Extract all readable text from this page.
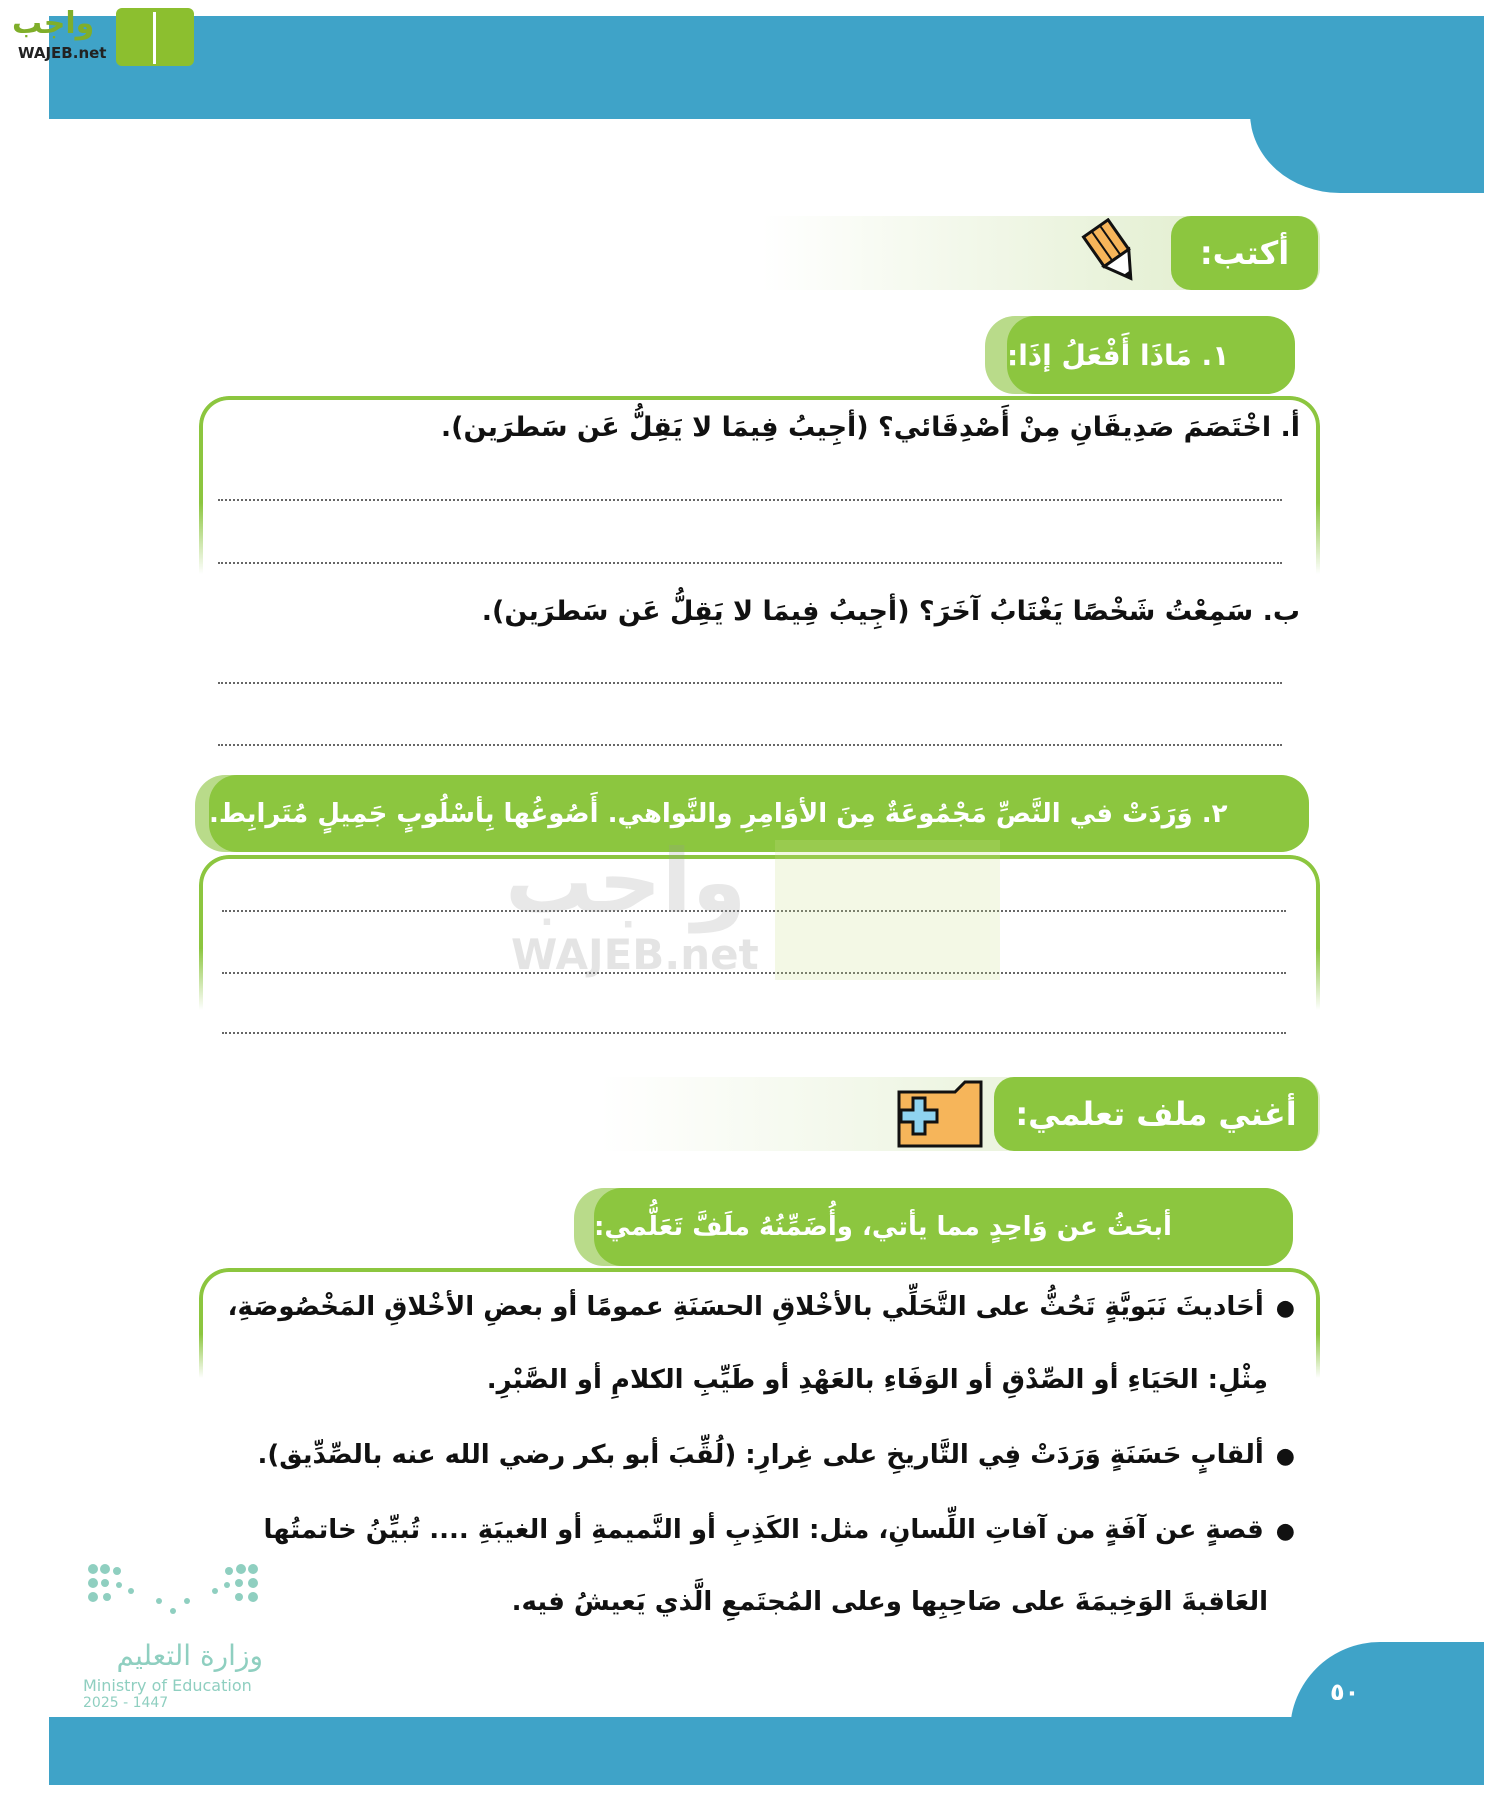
واجب
WAJEB.net
أكتب:
١. مَاذَا أَفْعَلُ إذَا:
أ. اخْتَصَمَ صَدِيقَانِ مِنْ أَصْدِقَائي؟ (أجِيبُ فِيمَا لا يَقِلُّ عَن سَطرَين).
ب. سَمِعْتُ شَخْصًا يَغْتَابُ آخَرَ؟ (أجِيبُ فِيمَا لا يَقِلُّ عَن سَطرَين).
٢. وَرَدَتْ في النَّصِّ مَجْمُوعَةٌ مِنَ الأوَامِرِ والنَّواهي. أَصُوغُها بِأسْلُوبٍ جَمِيلٍ مُتَرابِط.
واجب
WAJEB.net
أغني ملف تعلمي:
أبحَثُ عن وَاحِدٍ مما يأتي، وأُضَمِّنُهُ ملَفَّ تَعَلُّمي:
● أحَاديثَ نَبَويَّةٍ تَحُثُّ على التَّحَلِّي بالأخْلاقِ الحسَنَةِ عمومًا أو بعضِ الأخْلاقِ المَخْصُوصَةِ،
مِثْلِ: الحَيَاءِ أو الصِّدْقِ أو الوَفَاءِ بالعَهْدِ أو طَيِّبِ الكلامِ أو الصَّبْرِ.
● ألقابٍ حَسَنَةٍ وَرَدَتْ فِي التَّاريخِ على غِرارِ: (لُقِّبَ أبو بكر رضي الله عنه بالصِّدِّيق).
● قصةٍ عن آفَةٍ من آفاتِ اللِّسانِ، مثل: الكَذِبِ أو النَّميمةِ أو الغيبَةِ .... تُبيِّنُ خاتمتُها
العَاقبةَ الوَخِيمَةَ على صَاحِبِها وعلى المُجتَمعِ الَّذي يَعيشُ فيه.
وزارة التعليم
Ministry of Education
2025 - 1447	٥٠
